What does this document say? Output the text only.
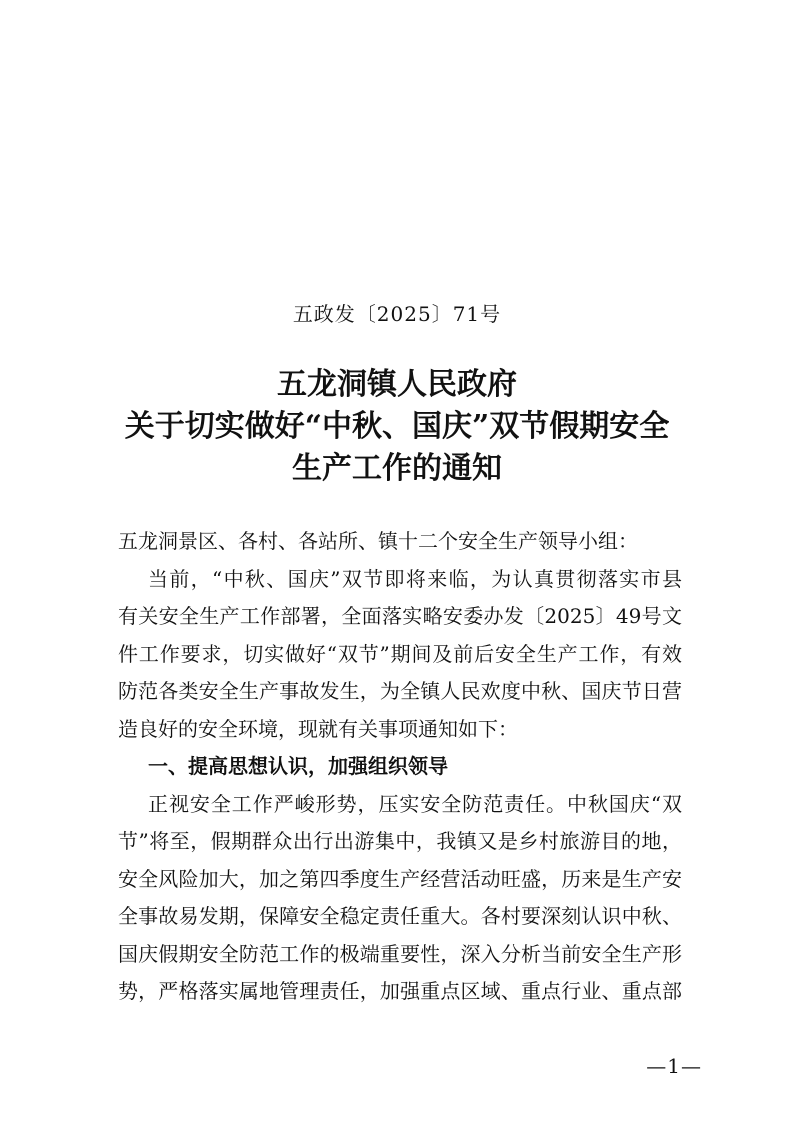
五政发〔2025〕71号
五龙洞镇人民政府
关于切实做好“中秋、国庆”双节假期安全
生产工作的通知
五龙洞景区、各村、各站所、镇十二个安全生产领导小组：
当前，“中秋、国庆”双节即将来临，为认真贯彻落实市县
有关安全生产工作部署，全面落实略安委办发〔2025〕49号文
件工作要求，切实做好“双节”期间及前后安全生产工作，有效
防范各类安全生产事故发生，为全镇人民欢度中秋、国庆节日营
造良好的安全环境，现就有关事项通知如下：
一、提高思想认识，加强组织领导
正视安全工作严峻形势，压实安全防范责任。中秋国庆“双
节”将至，假期群众出行出游集中，我镇又是乡村旅游目的地，
安全风险加大，加之第四季度生产经营活动旺盛，历来是生产安
全事故易发期，保障安全稳定责任重大。各村要深刻认识中秋、
国庆假期安全防范工作的极端重要性，深入分析当前安全生产形
势，严格落实属地管理责任，加强重点区域、重点行业、重点部
—1—
